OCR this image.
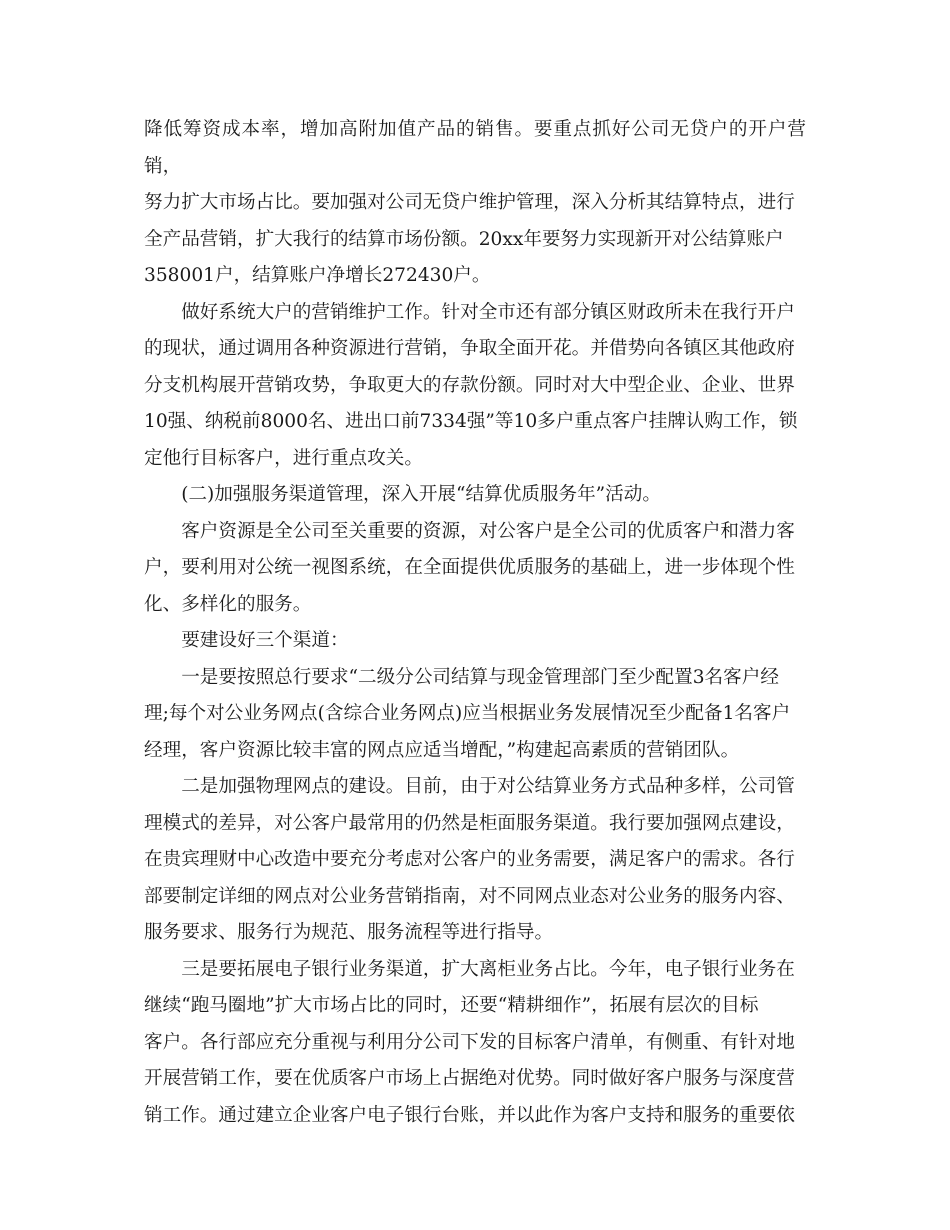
降低筹资成本率，增加高附加值产品的销售。要重点抓好公司无贷户的开户营销，
努力扩大市场占比。要加强对公司无贷户维护管理，深入分析其结算特点，进行
全产品营销，扩大我行的结算市场份额。20xx年要努力实现新开对公结算账户
358001户，结算账户净增长272430户。

　　做好系统大户的营销维护工作。针对全市还有部分镇区财政所未在我行开户
的现状，通过调用各种资源进行营销，争取全面开花。并借势向各镇区其他政府
分支机构展开营销攻势，争取更大的存款份额。同时对大中型企业、企业、世界
10强、纳税前8000名、进出口前7334强”等10多户重点客户挂牌认购工作，锁
定他行目标客户，进行重点攻关。

　　(二)加强服务渠道管理，深入开展“结算优质服务年”活动。

　　客户资源是全公司至关重要的资源，对公客户是全公司的优质客户和潜力客
户，要利用对公统一视图系统，在全面提供优质服务的基础上，进一步体现个性
化、多样化的服务。

　　要建设好三个渠道：

　　一是要按照总行要求“二级分公司结算与现金管理部门至少配置3名客户经
理;每个对公业务网点(含综合业务网点)应当根据业务发展情况至少配备1名客户
经理，客户资源比较丰富的网点应适当增配，”构建起高素质的营销团队。

　　二是加强物理网点的建设。目前，由于对公结算业务方式品种多样，公司管
理模式的差异，对公客户最常用的仍然是柜面服务渠道。我行要加强网点建设，
在贵宾理财中心改造中要充分考虑对公客户的业务需要，满足客户的需求。各行
部要制定详细的网点对公业务营销指南，对不同网点业态对公业务的服务内容、
服务要求、服务行为规范、服务流程等进行指导。

　　三是要拓展电子银行业务渠道，扩大离柜业务占比。今年，电子银行业务在
继续“跑马圈地”扩大市场占比的同时，还要“精耕细作”，拓展有层次的目标
客户。各行部应充分重视与利用分公司下发的目标客户清单，有侧重、有针对地
开展营销工作，要在优质客户市场上占据绝对优势。同时做好客户服务与深度营
销工作。通过建立企业客户电子银行台账，并以此作为客户支持和服务的重要依
